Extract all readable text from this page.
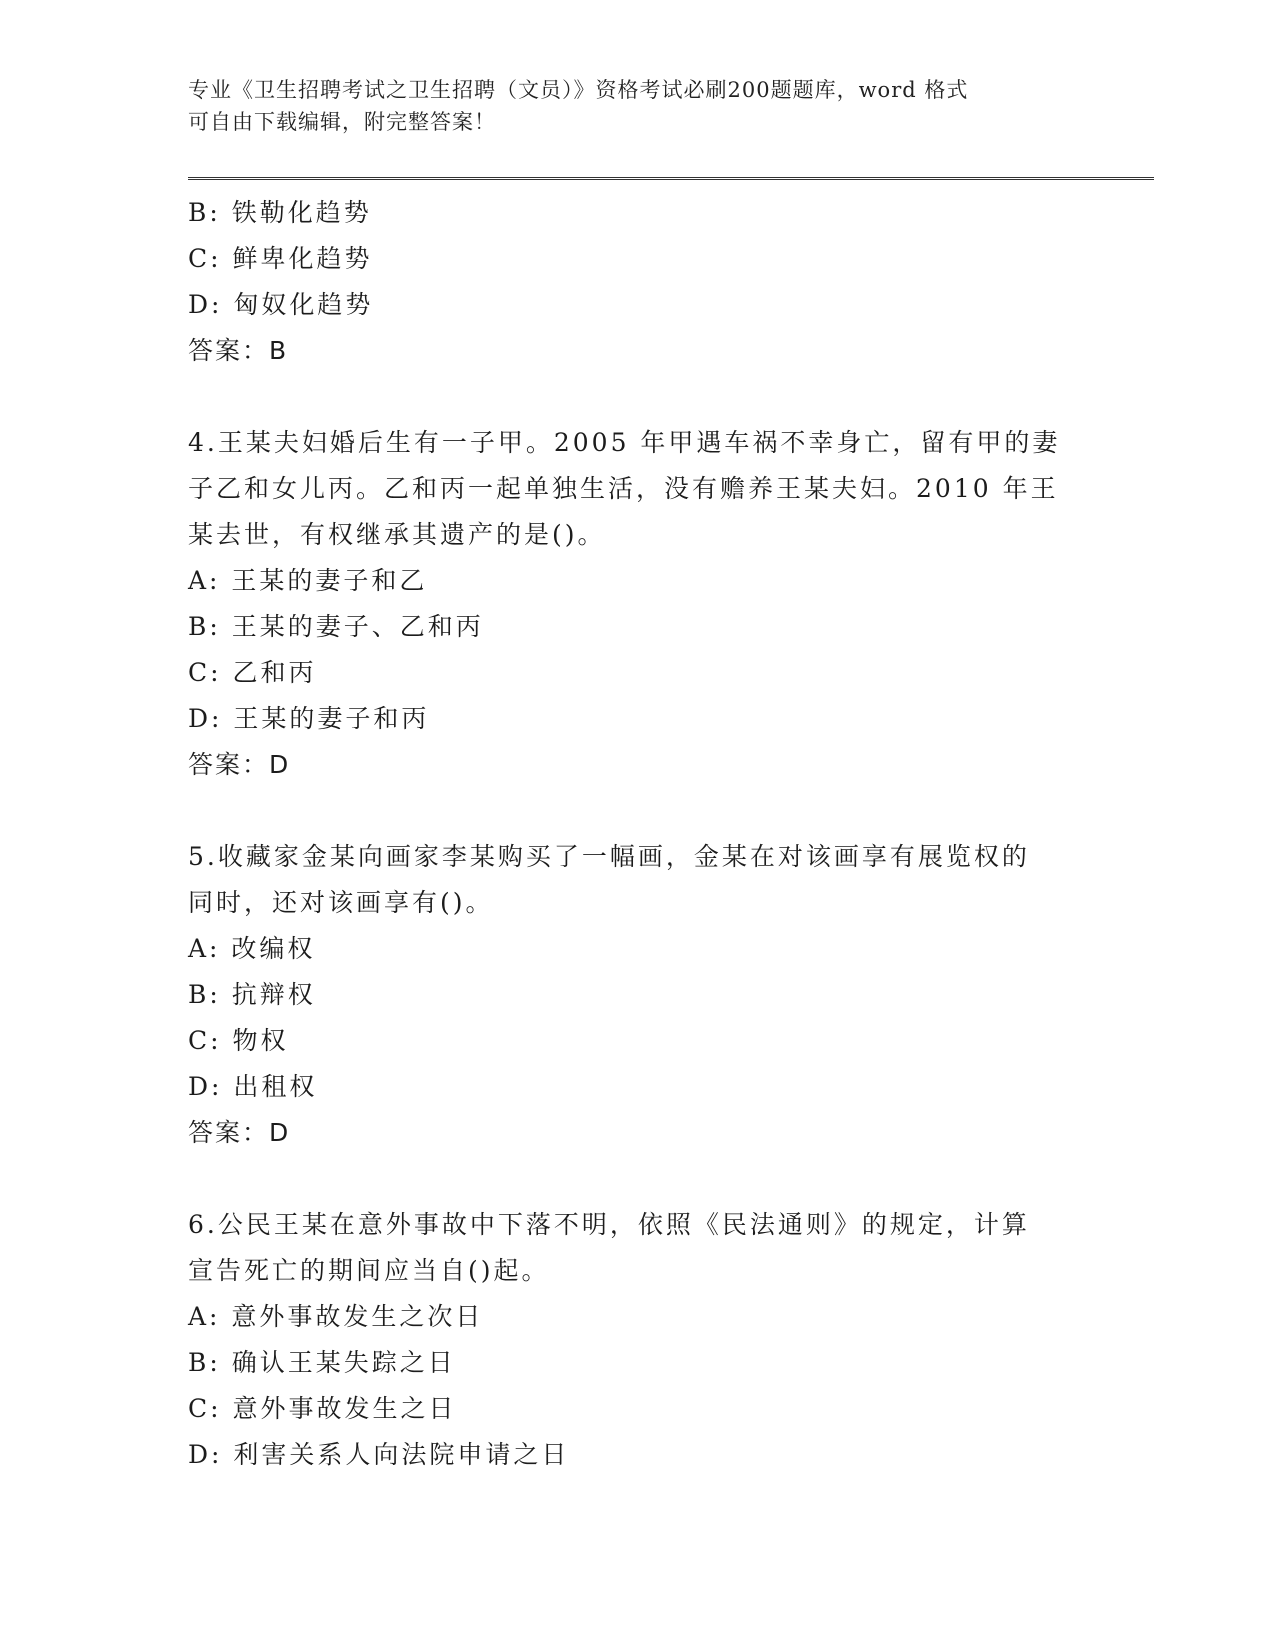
专业《卫生招聘考试之卫生招聘（文员）》资格考试必刷200题题库，word 格式
可自由下载编辑，附完整答案！
B: 铁勒化趋势
C: 鲜卑化趋势
D: 匈奴化趋势
答案：B
4.王某夫妇婚后生有一子甲。2005 年甲遇车祸不幸身亡，留有甲的妻
子乙和女儿丙。乙和丙一起单独生活，没有赡养王某夫妇。2010 年王
某去世，有权继承其遗产的是()。
A: 王某的妻子和乙
B: 王某的妻子、乙和丙
C: 乙和丙
D: 王某的妻子和丙
答案：D
5.收藏家金某向画家李某购买了一幅画，金某在对该画享有展览权的
同时，还对该画享有()。
A: 改编权
B: 抗辩权
C: 物权
D: 出租权
答案：D
6.公民王某在意外事故中下落不明，依照《民法通则》的规定，计算
宣告死亡的期间应当自()起。
A: 意外事故发生之次日
B: 确认王某失踪之日
C: 意外事故发生之日
D: 利害关系人向法院申请之日
